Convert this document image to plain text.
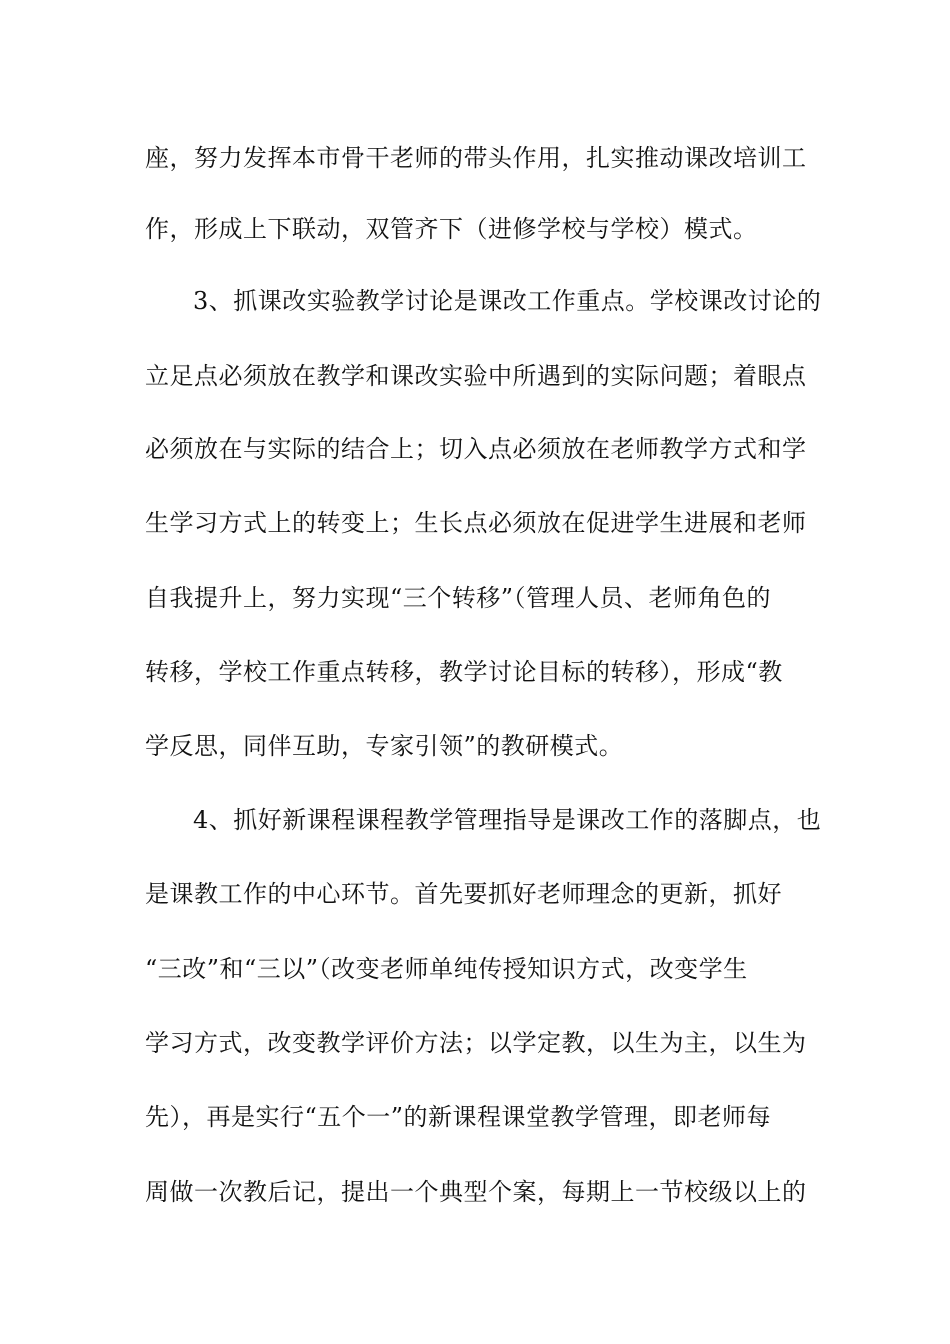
座，努力发挥本市骨干老师的带头作用，扎实推动课改培训工
作，形成上下联动，双管齐下（进修学校与学校）模式。
3、抓课改实验教学讨论是课改工作重点。学校课改讨论的
立足点必须放在教学和课改实验中所遇到的实际问题；着眼点
必须放在与实际的结合上；切入点必须放在老师教学方式和学
生学习方式上的转变上；生长点必须放在促进学生进展和老师
自我提升上，努力实现“三个转移”（管理人员、老师角色的
转移，学校工作重点转移，教学讨论目标的转移），形成“教
学反思，同伴互助，专家引领”的教研模式。
4、抓好新课程课程教学管理指导是课改工作的落脚点，也
是课教工作的中心环节。首先要抓好老师理念的更新，抓好
“三改”和“三以”（改变老师单纯传授知识方式，改变学生
学习方式，改变教学评价方法；以学定教，以生为主，以生为
先），再是实行“五个一”的新课程课堂教学管理，即老师每
周做一次教后记，提出一个典型个案，每期上一节校级以上的
